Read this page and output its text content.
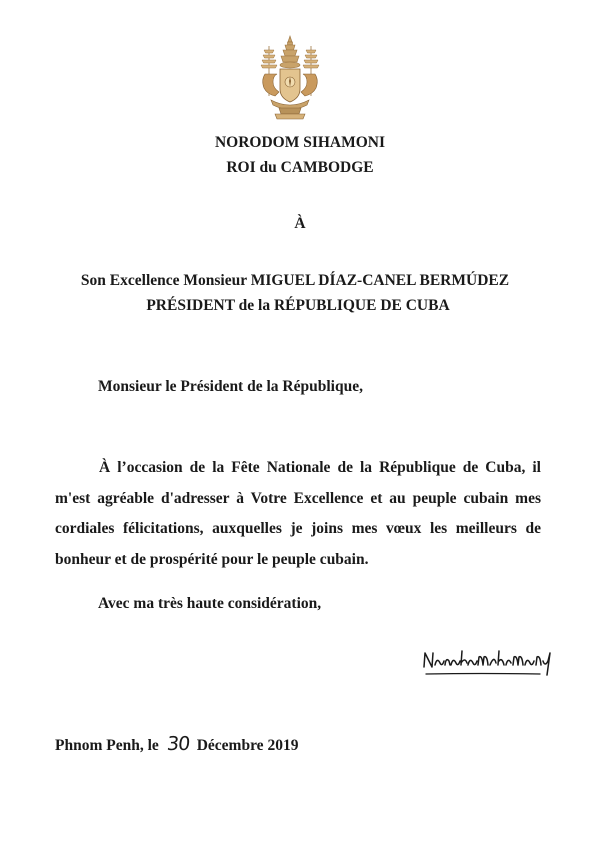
NORODOM SIHAMONI
ROI du CAMBODGE
À
Son Excellence Monsieur MIGUEL DÍAZ-CANEL BERMÚDEZ
PRÉSIDENT de la RÉPUBLIQUE DE CUBA
Monsieur le Président de la République,
À l’occasion de la Fête Nationale de la République de Cuba, il m'est agréable d'adresser à Votre Excellence et au peuple cubain mes cordiales félicitations, auxquelles je joins mes vœux les meilleurs de bonheur et de prospérité pour le peuple cubain.
Avec ma très haute considération,
Phnom Penh, le 30 Décembre 2019
